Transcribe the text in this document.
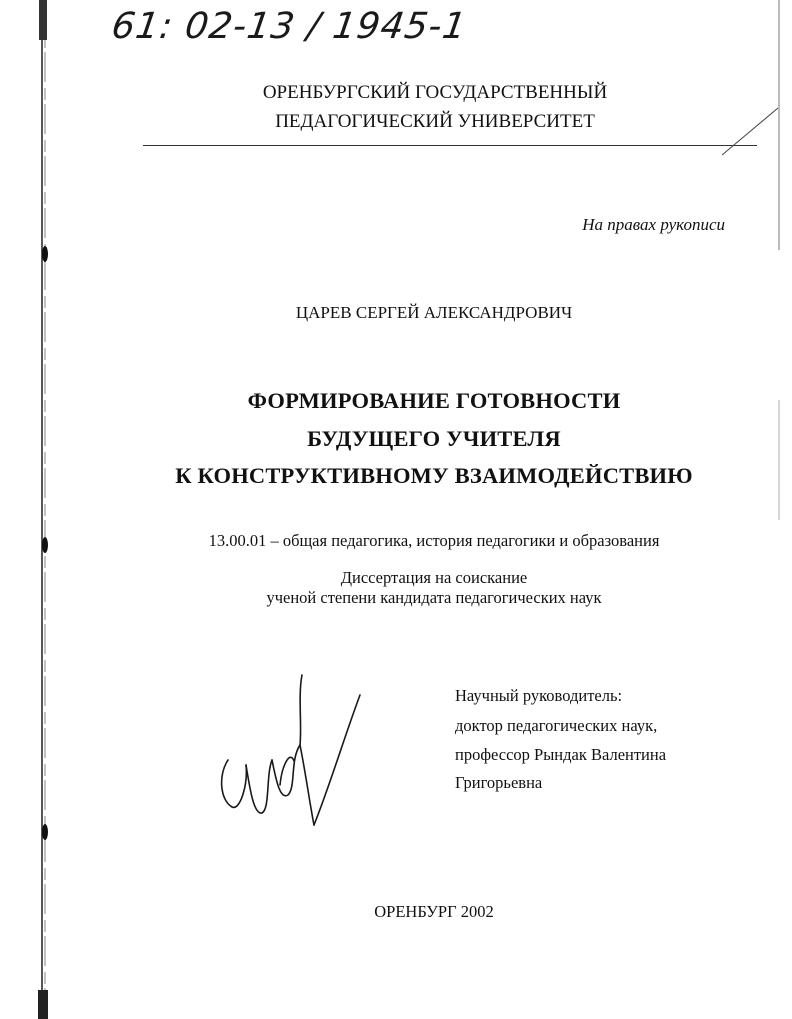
61: 02-13 / 1945-1
ОРЕНБУРГСКИЙ ГОСУДАРСТВЕННЫЙ
ПЕДАГОГИЧЕСКИЙ УНИВЕРСИТЕТ
На правах рукописи
ЦАРЕВ СЕРГЕЙ АЛЕКСАНДРОВИЧ
ФОРМИРОВАНИЕ ГОТОВНОСТИ
БУДУЩЕГО УЧИТЕЛЯ
К КОНСТРУКТИВНОМУ ВЗАИМОДЕЙСТВИЮ
13.00.01 – общая педагогика, история педагогики и образования
Диссертация на соискание
ученой степени кандидата педагогических наук
Научный руководитель:
доктор педагогических наук,
профессор Рындак Валентина
Григорьевна
ОРЕНБУРГ 2002
